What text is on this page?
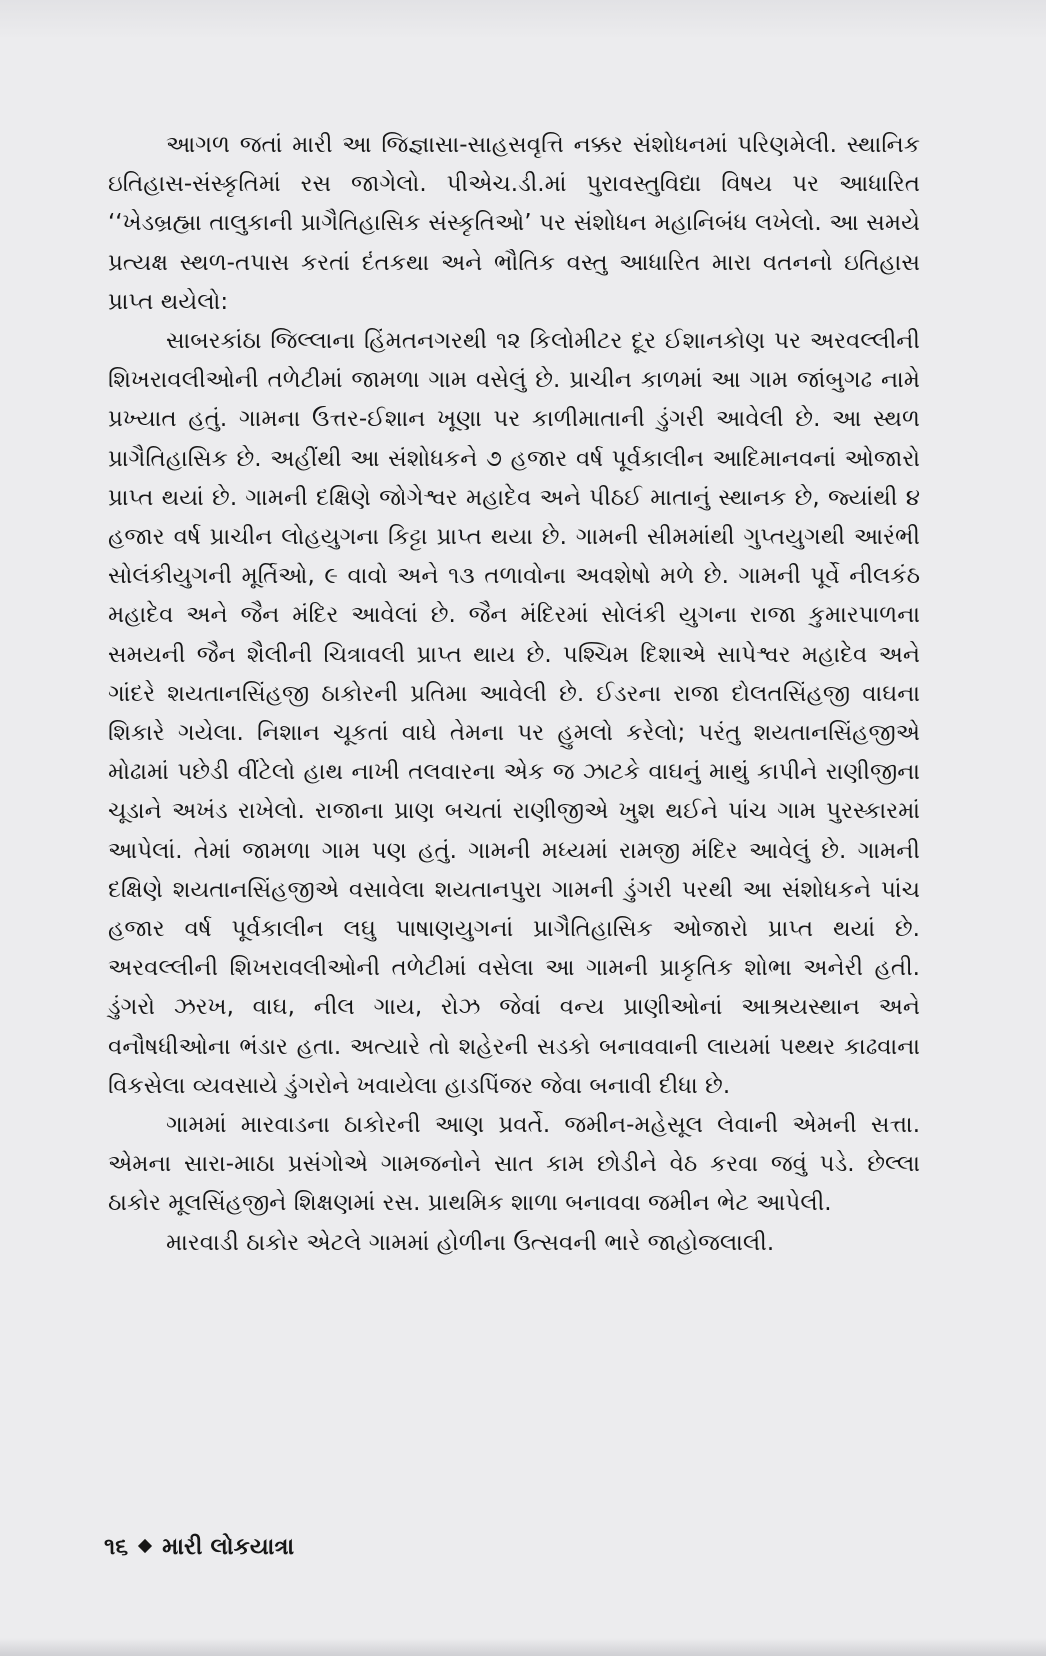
આગળ જતાં મારી આ જિજ્ઞાસા-સાહસવૃત્તિ નક્કર સંશોધનમાં પરિણમેલી. સ્થાનિક ઇતિહાસ-સંસ્કૃતિમાં રસ જાગેલો. પીએચ.ડી.માં પુરાવસ્તુવિદ્યા વિષય પર આધારિત ‘‘ખેડબ્રહ્મા તાલુકાની પ્રાગૈતિહાસિક સંસ્કૃતિઓ’ પર સંશોધન મહાનિબંધ લખેલો. આ સમયે પ્રત્યક્ષ સ્થળ-તપાસ કરતાં દંતકથા અને ભૌતિક વસ્તુ આધારિત મારા વતનનો ઇતિહાસ પ્રાપ્ત થયેલો:

સાબરકાંઠા જિલ્લાના હિંમતનગરથી ૧૨ કિલોમીટર દૂર ઈશાનકોણ પર અરવલ્લીની શિખરાવલીઓની તળેટીમાં જામળા ગામ વસેલું છે. પ્રાચીન કાળમાં આ ગામ જાંબુગઢ નામે પ્રખ્યાત હતું. ગામના ઉત્તર-ઈશાન ખૂણા પર કાળીમાતાની ડુંગરી આવેલી છે. આ સ્થળ પ્રાગૈતિહાસિક છે. અહીંથી આ સંશોધકને ૭ હજાર વર્ષ પૂર્વકાલીન આદિમાનવનાં ઓજારો પ્રાપ્ત થયાં છે. ગામની દક્ષિણે જોગેશ્વર મહાદેવ અને પીઠઈ માતાનું સ્થાનક છે, જ્યાંથી ૪ હજાર વર્ષ પ્રાચીન લોહયુગના કિટ્ટા પ્રાપ્ત થયા છે. ગામની સીમમાંથી ગુપ્તયુગથી આરંભી સોલંકીયુગની મૂર્તિઓ, ૯ વાવો અને ૧૩ તળાવોના અવશેષો મળે છે. ગામની પૂર્વે નીલકંઠ મહાદેવ અને જૈન મંદિર આવેલાં છે. જૈન મંદિરમાં સોલંકી યુગના રાજા કુમારપાળના સમયની જૈન શૈલીની ચિત્રાવલી પ્રાપ્ત થાય છે. પશ્ચિમ દિશાએ સાપેશ્વર મહાદેવ અને ગાંદરે શયતાનસિંહજી ઠાકોરની પ્રતિમા આવેલી છે. ઈડરના રાજા દોલતસિંહજી વાઘના શિકારે ગયેલા. નિશાન ચૂકતાં વાઘે તેમના પર હુમલો કરેલો; પરંતુ શયતાનસિંહજીએ મોઢામાં પછેડી વીંટેલો હાથ નાખી તલવારના એક જ ઝાટકે વાઘનું માથું કાપીને રાણીજીના ચૂડાને અખંડ રાખેલો. રાજાના પ્રાણ બચતાં રાણીજીએ ખુશ થઈને પાંચ ગામ પુરસ્કારમાં આપેલાં. તેમાં જામળા ગામ પણ હતું. ગામની મધ્યમાં રામજી મંદિર આવેલું છે. ગામની દક્ષિણે શયતાનસિંહજીએ વસાવેલા શયતાનપુરા ગામની ડુંગરી પરથી આ સંશોધકને પાંચ હજાર વર્ષ પૂર્વકાલીન લઘુ પાષાણયુગનાં પ્રાગૈતિહાસિક ઓજારો પ્રાપ્ત થયાં છે. અરવલ્લીની શિખરાવલીઓની તળેટીમાં વસેલા આ ગામની પ્રાકૃતિક શોભા અનેરી હતી. ડુંગરો ઝરખ, વાઘ, નીલ ગાય, રોઝ જેવાં વન્ય પ્રાણીઓનાં આશ્રયસ્થાન અને વનૌષધીઓના ભંડાર હતા. અત્યારે તો શહેરની સડકો બનાવવાની લાયમાં પથ્થર કાઢવાના વિકસેલા વ્યવસાયે ડુંગરોને ખવાયેલા હાડપિંજર જેવા બનાવી દીધા છે.

ગામમાં મારવાડના ઠાકોરની આણ પ્રવર્તે. જમીન-મહેસૂલ લેવાની એમની સત્તા. એમના સારા-માઠા પ્રસંગોએ ગામજનોને સાત કામ છોડીને વેઠ કરવા જવું પડે. છેલ્લા ઠાકોર મૂલસિંહજીને શિક્ષણમાં રસ. પ્રાથમિક શાળા બનાવવા જમીન ભેટ આપેલી.

મારવાડી ઠાકોર એટલે ગામમાં હોળીના ઉત્સવની ભારે જાહોજલાલી.

૧૬ મારી લોકયાત્રા
